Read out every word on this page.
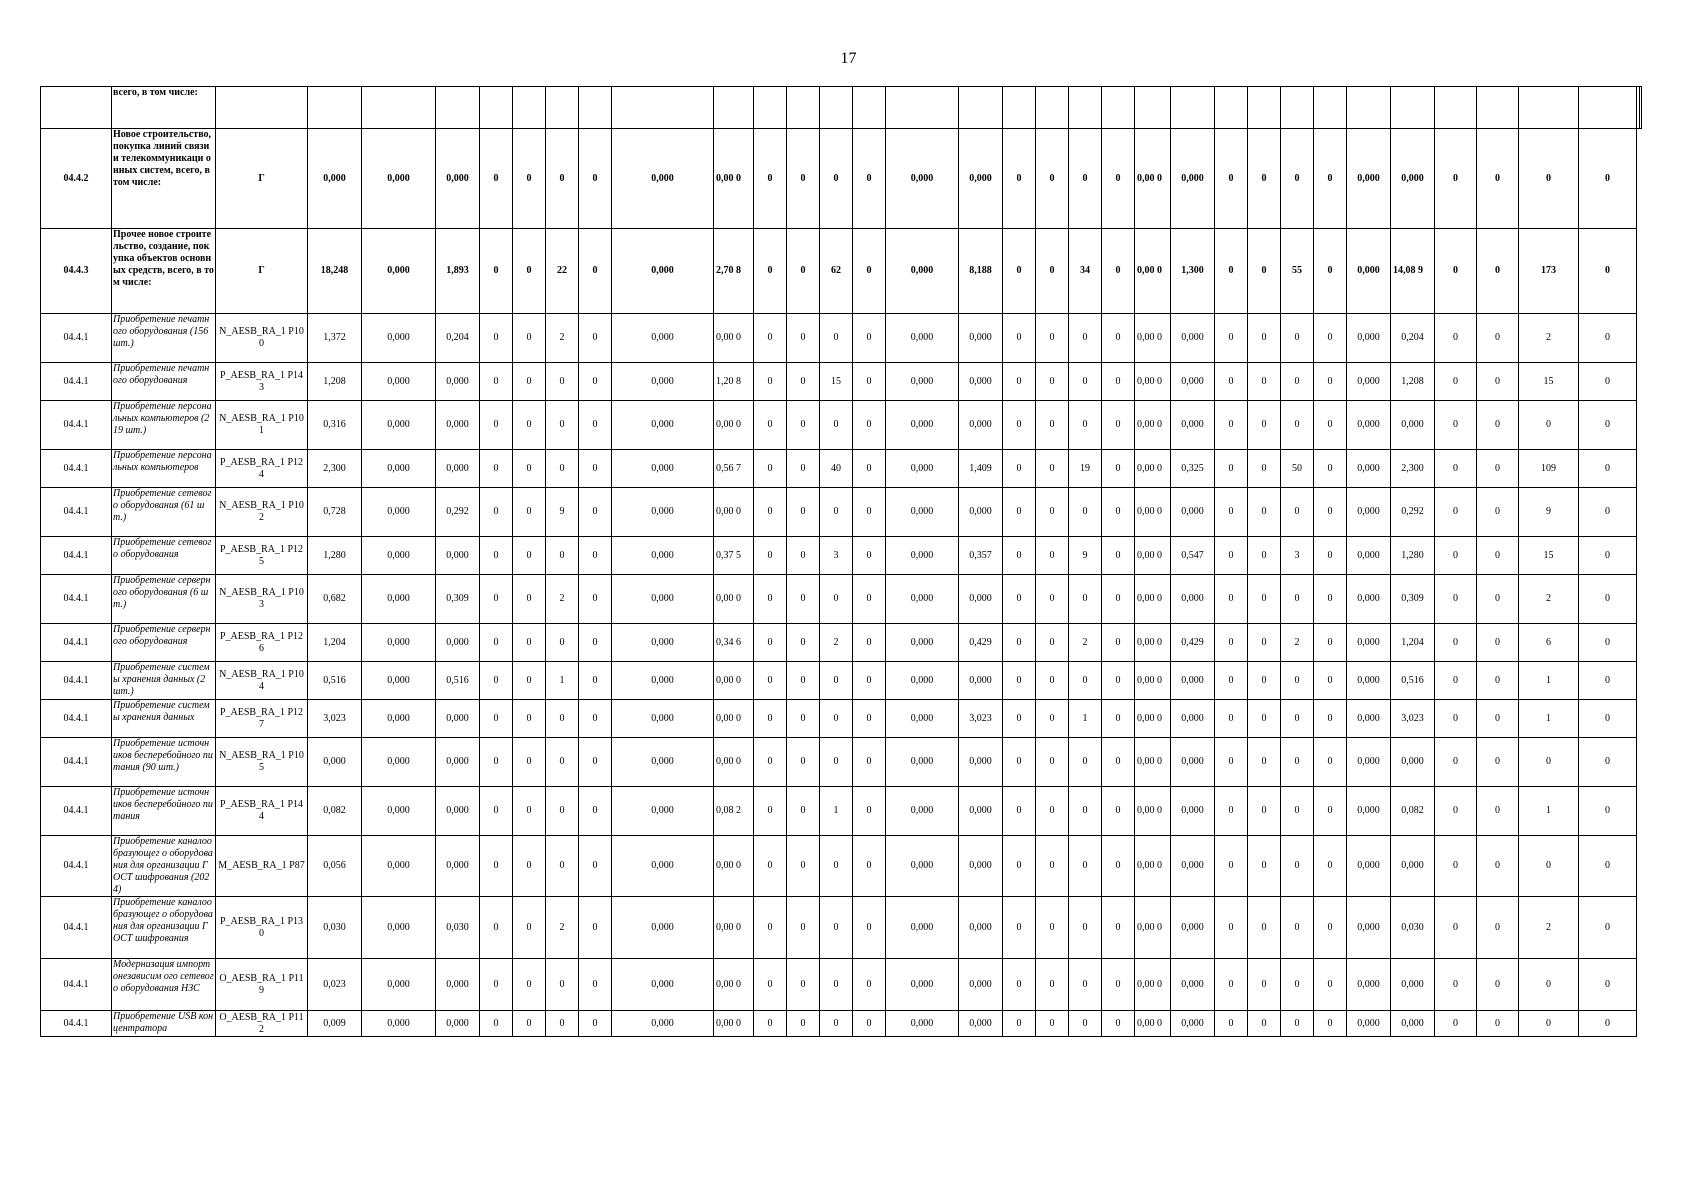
17
	всего, в том числе:																																		
04.4.2	Новое строительство, покупка линий связи и телекоммуникаци онных систем, всего, в том числе:	Г	0,000	0,000	0,000	0	0	0	0	0,000	0,00 0	0	0	0	0	0,000	0,000	0	0	0	0	0,00 0	0,000	0	0	0	0	0,000	0,000	0	0	0	0		
04.4.3	Прочее новое строительство, создание, покупка объектов основных средств, всего, в том числе:	Г	18,248	0,000	1,893	0	0	22	0	0,000	2,70 8	0	0	62	0	0,000	8,188	0	0	34	0	0,00 0	1,300	0	0	55	0	0,000	14,08 9	0	0	173	0		
04.4.1	Приобретение печатного оборудования (156 шт.)	N_AESB_RA_1 P100	1,372	0,000	0,204	0	0	2	0	0,000	0,00 0	0	0	0	0	0,000	0,000	0	0	0	0	0,00 0	0,000	0	0	0	0	0,000	0,204	0	0	2	0		
04.4.1	Приобретение печатного оборудования	P_AESB_RA_1 P143	1,208	0,000	0,000	0	0	0	0	0,000	1,20 8	0	0	15	0	0,000	0,000	0	0	0	0	0,00 0	0,000	0	0	0	0	0,000	1,208	0	0	15	0		
04.4.1	Приобретение персональных компьютеров (219 шт.)	N_AESB_RA_1 P101	0,316	0,000	0,000	0	0	0	0	0,000	0,00 0	0	0	0	0	0,000	0,000	0	0	0	0	0,00 0	0,000	0	0	0	0	0,000	0,000	0	0	0	0		
04.4.1	Приобретение персональных компьютеров	P_AESB_RA_1 P124	2,300	0,000	0,000	0	0	0	0	0,000	0,56 7	0	0	40	0	0,000	1,409	0	0	19	0	0,00 0	0,325	0	0	50	0	0,000	2,300	0	0	109	0		
04.4.1	Приобретение сетевого оборудования (61 шт.)	N_AESB_RA_1 P102	0,728	0,000	0,292	0	0	9	0	0,000	0,00 0	0	0	0	0	0,000	0,000	0	0	0	0	0,00 0	0,000	0	0	0	0	0,000	0,292	0	0	9	0		
04.4.1	Приобретение сетевого оборудования	P_AESB_RA_1 P125	1,280	0,000	0,000	0	0	0	0	0,000	0,37 5	0	0	3	0	0,000	0,357	0	0	9	0	0,00 0	0,547	0	0	3	0	0,000	1,280	0	0	15	0		
04.4.1	Приобретение серверного оборудования (6 шт.)	N_AESB_RA_1 P103	0,682	0,000	0,309	0	0	2	0	0,000	0,00 0	0	0	0	0	0,000	0,000	0	0	0	0	0,00 0	0,000	0	0	0	0	0,000	0,309	0	0	2	0		
04.4.1	Приобретение серверного оборудования	P_AESB_RA_1 P126	1,204	0,000	0,000	0	0	0	0	0,000	0,34 6	0	0	2	0	0,000	0,429	0	0	2	0	0,00 0	0,429	0	0	2	0	0,000	1,204	0	0	6	0		
04.4.1	Приобретение системы хранения данных (2 шт.)	N_AESB_RA_1 P104	0,516	0,000	0,516	0	0	1	0	0,000	0,00 0	0	0	0	0	0,000	0,000	0	0	0	0	0,00 0	0,000	0	0	0	0	0,000	0,516	0	0	1	0		
04.4.1	Приобретение системы хранения данных	P_AESB_RA_1 P127	3,023	0,000	0,000	0	0	0	0	0,000	0,00 0	0	0	0	0	0,000	3,023	0	0	1	0	0,00 0	0,000	0	0	0	0	0,000	3,023	0	0	1	0		
04.4.1	Приобретение источников бесперебойного питания (90 шт.)	N_AESB_RA_1 P105	0,000	0,000	0,000	0	0	0	0	0,000	0,00 0	0	0	0	0	0,000	0,000	0	0	0	0	0,00 0	0,000	0	0	0	0	0,000	0,000	0	0	0	0		
04.4.1	Приобретение источников бесперебойного питания	P_AESB_RA_1 P144	0,082	0,000	0,000	0	0	0	0	0,000	0,08 2	0	0	1	0	0,000	0,000	0	0	0	0	0,00 0	0,000	0	0	0	0	0,000	0,082	0	0	1	0		
04.4.1	Приобретение каналообразующег о оборудования для организации ГОСТ шифрования (2024)	M_AESB_RA_1 P87	0,056	0,000	0,000	0	0	0	0	0,000	0,00 0	0	0	0	0	0,000	0,000	0	0	0	0	0,00 0	0,000	0	0	0	0	0,000	0,000	0	0	0	0		
04.4.1	Приобретение каналообразующег о оборудования для организации ГОСТ шифрования	P_AESB_RA_1 P130	0,030	0,000	0,030	0	0	2	0	0,000	0,00 0	0	0	0	0	0,000	0,000	0	0	0	0	0,00 0	0,000	0	0	0	0	0,000	0,030	0	0	2	0		
04.4.1	Модернизация импортонезависим ого сетевого оборудования НЗС	O_AESB_RA_1 P119	0,023	0,000	0,000	0	0	0	0	0,000	0,00 0	0	0	0	0	0,000	0,000	0	0	0	0	0,00 0	0,000	0	0	0	0	0,000	0,000	0	0	0	0		
04.4.1	Приобретение USB концентратора	O_AESB_RA_1 P112	0,009	0,000	0,000	0	0	0	0	0,000	0,00 0	0	0	0	0	0,000	0,000	0	0	0	0	0,00 0	0,000	0	0	0	0	0,000	0,000	0	0	0	0		
